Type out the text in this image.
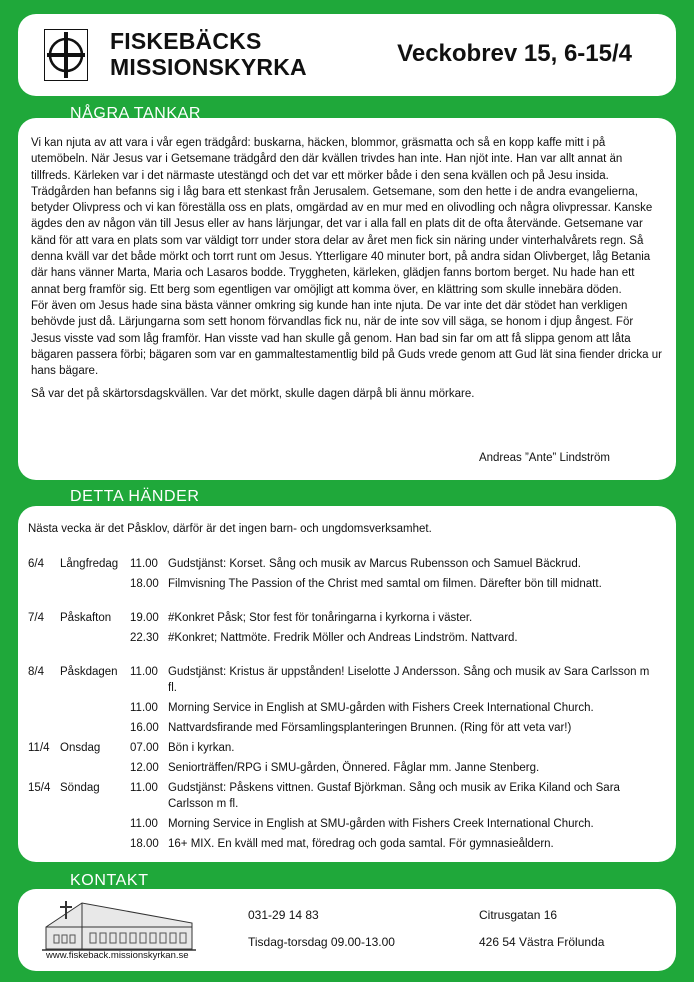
FISKEBÄCKS
MISSIONSKYRKA	Veckobrev 15, 6-15/4
NÅGRA TANKAR

Vi kan njuta av att vara i vår egen trädgård: buskarna, häcken, blommor, gräsmatta och så en kopp kaffe mitt i på utemöbeln. När Jesus var i Getsemane trädgård den där kvällen trivdes han inte. Han njöt inte. Han var allt annat än tillfreds. Kärleken var i det närmaste utestängd och det var ett mörker både i den sena kvällen och på Jesu insida. Trädgården han befanns sig i låg bara ett stenkast från Jerusalem. Getsemane, som den hette i de andra evangelierna, betyder Olivpress och vi kan föreställa oss en plats, omgärdad av en mur med en olivodling och några olivpressar. Kanske ägdes den av någon vän till Jesus eller av hans lärjungar, det var i alla fall en plats dit de ofta återvände. Getsemane var känd för att vara en plats som var väldigt torr under stora delar av året men fick sin näring under vinterhalvårets regn. Så denna kväll var det både mörkt och torrt runt om Jesus. Ytterligare 40 minuter bort, på andra sidan Olivberget, låg Betania där hans vänner Marta, Maria och Lasaros bodde. Tryggheten, kärleken, glädjen fanns bortom berget. Nu hade han ett annat berg framför sig. Ett berg som egentligen var omöjligt att komma över, en klättring som skulle innebära döden.

För även om Jesus hade sina bästa vänner omkring sig kunde han inte njuta. De var inte det där stödet han verkligen behövde just då. Lärjungarna som sett honom förvandlas fick nu, när de inte sov vill säga, se honom i djup ångest. För Jesus visste vad som låg framför. Han visste vad han skulle gå genom. Han bad sin far om att få slippa genom att låta bägaren passera förbi; bägaren som var en gammaltestamentlig bild på Guds vrede genom att Gud lät sina fiender dricka ur hans bägare.

Så var det på skärtorsdagskvällen. Var det mörkt, skulle dagen därpå bli ännu mörkare.

Andreas ”Ante” Lindström
DETTA HÄNDER

Nästa vecka är det Påsklov, därför är det ingen barn- och ungdomsverksamhet.

6/4	Långfredag	11.00	Gudstjänst: Korset. Sång och musik av Marcus Rubensson och Samuel Bäckrud.
		18.00	Filmvisning The Passion of the Christ med samtal om filmen. Därefter bön till midnatt.
7/4	Påskafton	19.00	#Konkret Påsk; Stor fest för tonåringarna i kyrkorna i väster.
		22.30	#Konkret; Nattmöte. Fredrik Möller och Andreas Lindström. Nattvard.
8/4	Påskdagen	11.00	Gudstjänst: Kristus är uppstånden! Liselotte J Andersson. Sång och musik av Sara Carlsson m fl.
		11.00	Morning Service in English at SMU-gården with Fishers Creek International Church.
		16.00	Nattvardsfirande med Församlingsplanteringen Brunnen. (Ring för att veta var!)
11/4	Onsdag	07.00	Bön i kyrkan.
		12.00	Seniorträffen/RPG i SMU-gården, Önnered. Fåglar mm. Janne Stenberg.
15/4	Söndag	11.00	Gudstjänst: Påskens vittnen. Gustaf Björkman. Sång och musik av Erika Kiland och Sara Carlsson m fl.
		11.00	Morning Service in English at SMU-gården with Fishers Creek International Church.
		18.00	16+ MIX. En kväll med mat, föredrag och goda samtal. För gymnasieåldern.
KONTAKT
www.fiskeback.missionskyrkan.se
031-29 14 83
Tisdag-torsdag 09.00-13.00
Citrusgatan 16
426 54 Västra Frölunda
